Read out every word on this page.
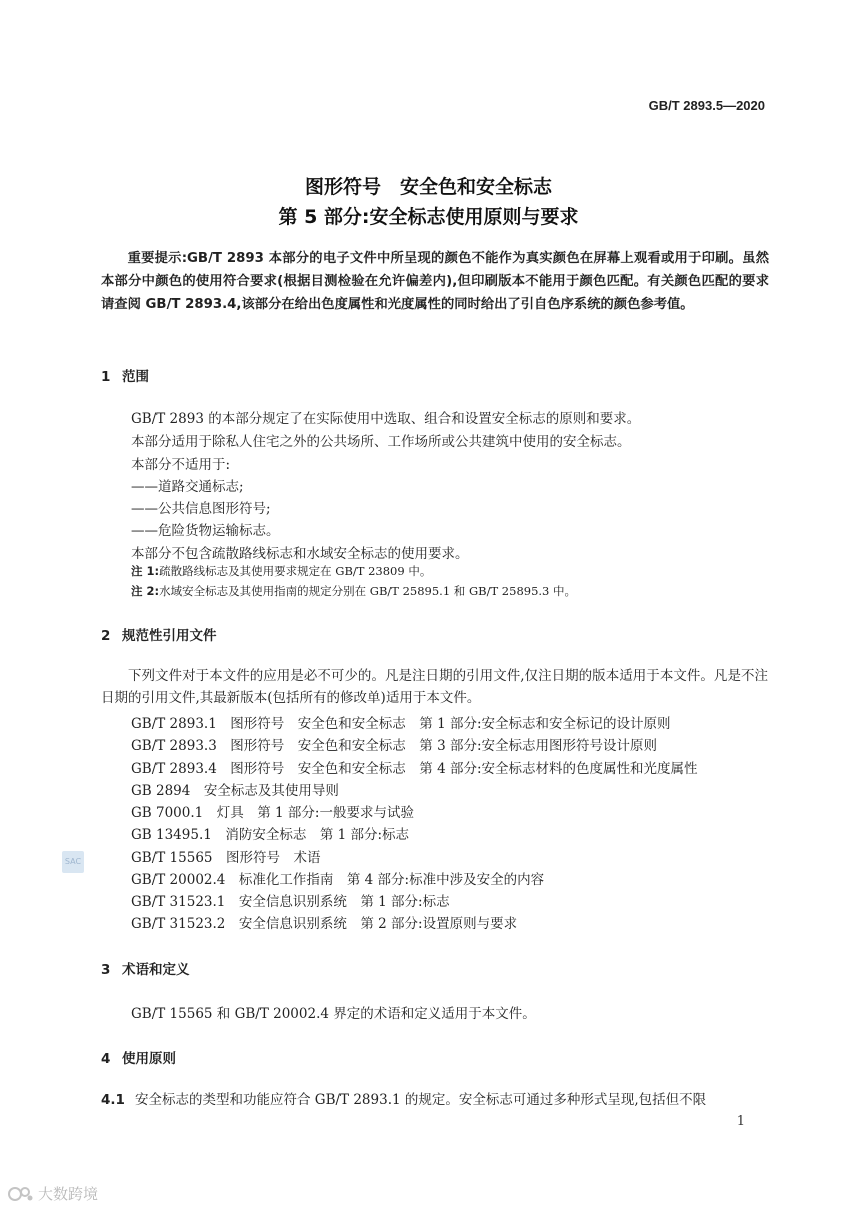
GB/T 2893.5—2020
图形符号　安全色和安全标志
第 5 部分:安全标志使用原则与要求
重要提示:GB/T 2893 本部分的电子文件中所呈现的颜色不能作为真实颜色在屏幕上观看或用于印刷。虽然本部分中颜色的使用符合要求(根据目测检验在允许偏差内),但印刷版本不能用于颜色匹配。有关颜色匹配的要求请查阅 GB/T 2893.4,该部分在给出色度属性和光度属性的同时给出了引自色序系统的颜色参考值。
1 范围
GB/T 2893 的本部分规定了在实际使用中选取、组合和设置安全标志的原则和要求。
本部分适用于除私人住宅之外的公共场所、工作场所或公共建筑中使用的安全标志。
本部分不适用于:
——道路交通标志;
——公共信息图形符号;
——危险货物运输标志。
本部分不包含疏散路线标志和水域安全标志的使用要求。
注 1:疏散路线标志及其使用要求规定在 GB/T 23809 中。
注 2:水域安全标志及其使用指南的规定分别在 GB/T 25895.1 和 GB/T 25895.3 中。
2 规范性引用文件
下列文件对于本文件的应用是必不可少的。凡是注日期的引用文件,仅注日期的版本适用于本文件。凡是不注日期的引用文件,其最新版本(包括所有的修改单)适用于本文件。
GB/T 2893.1　图形符号　安全色和安全标志　第 1 部分:安全标志和安全标记的设计原则
GB/T 2893.3　图形符号　安全色和安全标志　第 3 部分:安全标志用图形符号设计原则
GB/T 2893.4　图形符号　安全色和安全标志　第 4 部分:安全标志材料的色度属性和光度属性
GB 2894　安全标志及其使用导则
GB 7000.1　灯具　第 1 部分:一般要求与试验
GB 13495.1　消防安全标志　第 1 部分:标志
GB/T 15565　图形符号　术语
GB/T 20002.4　标准化工作指南　第 4 部分:标准中涉及安全的内容
GB/T 31523.1　安全信息识别系统　第 1 部分:标志
GB/T 31523.2　安全信息识别系统　第 2 部分:设置原则与要求
3 术语和定义
GB/T 15565 和 GB/T 20002.4 界定的术语和定义适用于本文件。
4 使用原则
4.1 安全标志的类型和功能应符合 GB/T 2893.1 的规定。安全标志可通过多种形式呈现,包括但不限
1
SAC
大数跨境
